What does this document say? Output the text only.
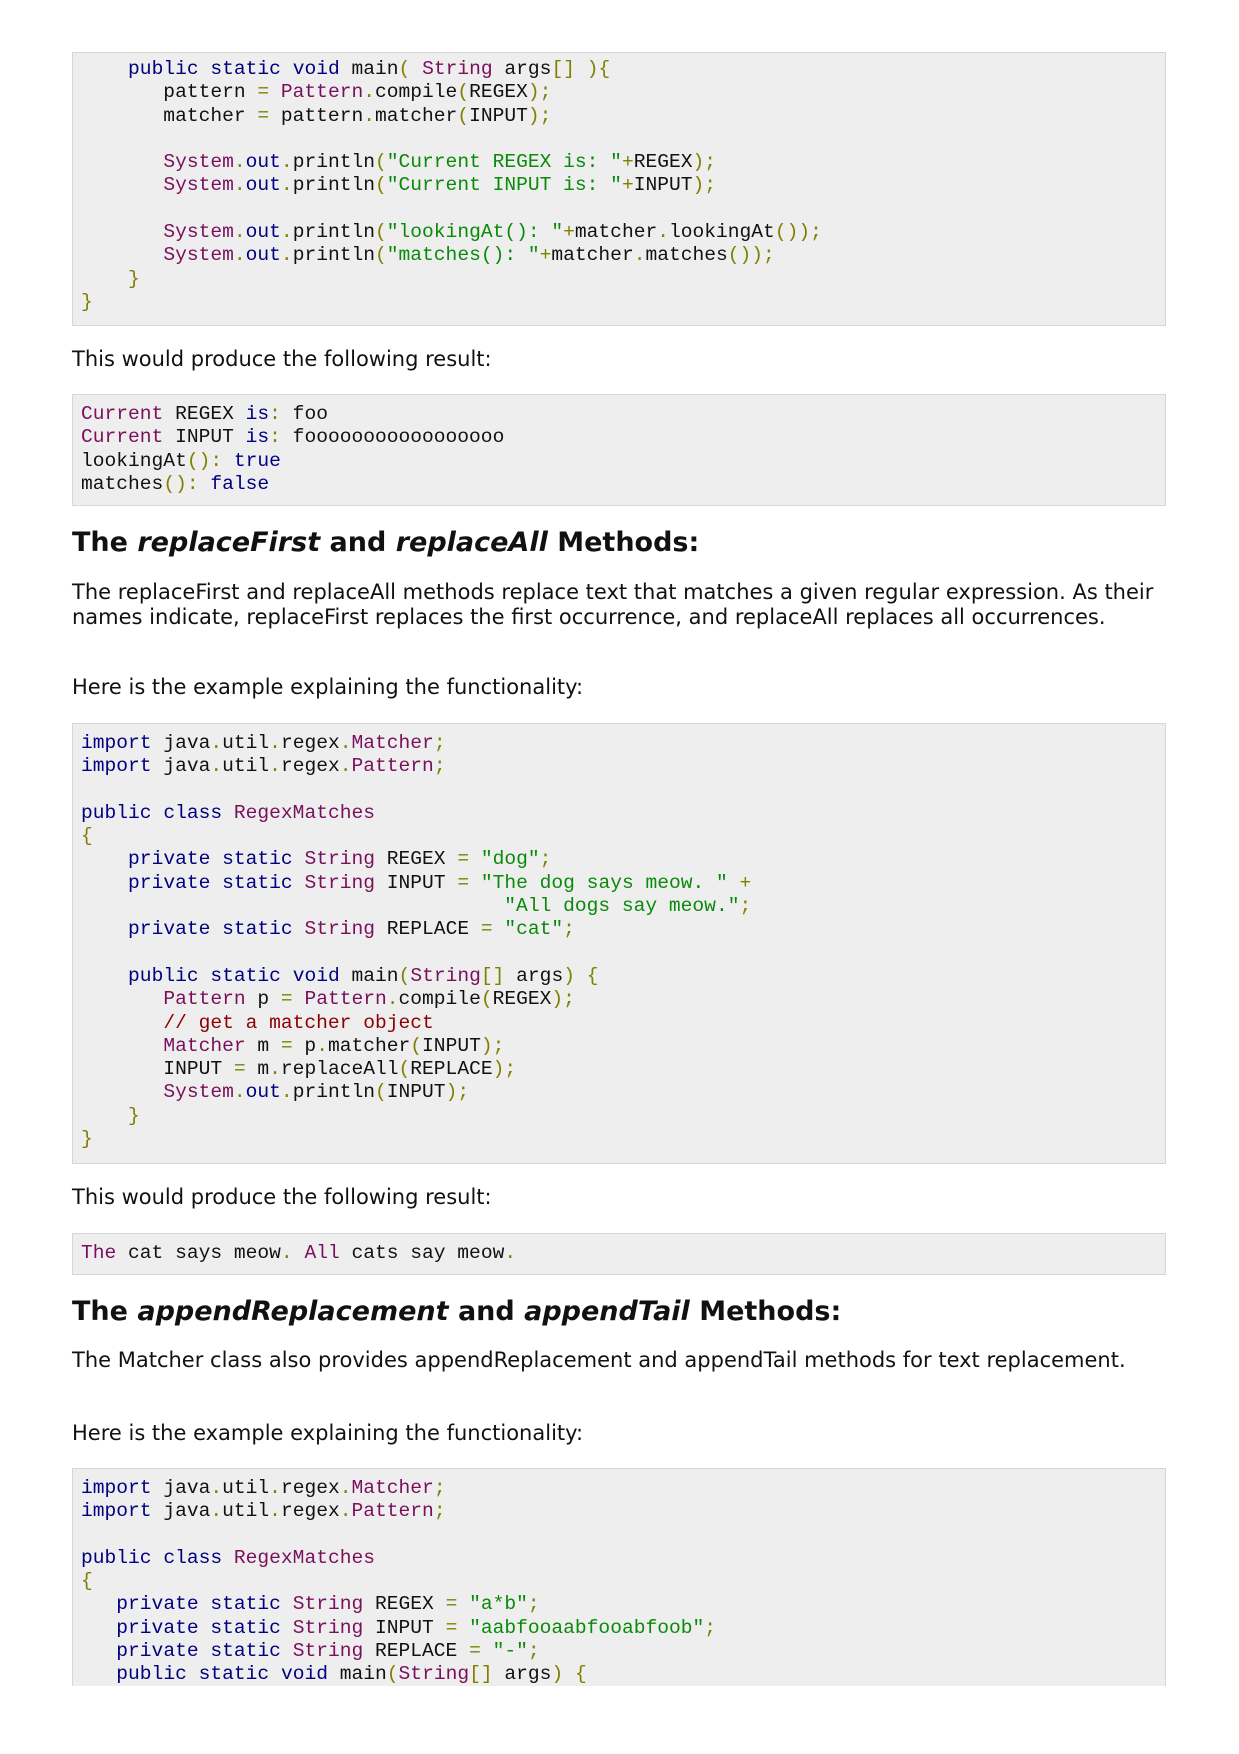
public static void main( String args[] ){
pattern = Pattern.compile(REGEX);
matcher = pattern.matcher(INPUT);
System.out.println("Current REGEX is: "+REGEX);
System.out.println("Current INPUT is: "+INPUT);
System.out.println("lookingAt(): "+matcher.lookingAt());
System.out.println("matches(): "+matcher.matches());
}
}

This would produce the following result:

Current REGEX is: foo
Current INPUT is: fooooooooooooooooo
lookingAt(): true
matches(): false
The replaceFirst and replaceAll Methods:

The replaceFirst and replaceAll methods replace text that matches a given regular expression. As their names indicate, replaceFirst replaces the first occurrence, and replaceAll replaces all occurrences.

Here is the example explaining the functionality:

import java.util.regex.Matcher;
import java.util.regex.Pattern;
public class RegexMatches
{
private static String REGEX = "dog";
private static String INPUT = "The dog says meow. " +
"All dogs say meow.";
private static String REPLACE = "cat";
public static void main(String[] args) {
Pattern p = Pattern.compile(REGEX);
// get a matcher object
Matcher m = p.matcher(INPUT);
INPUT = m.replaceAll(REPLACE);
System.out.println(INPUT);
}
}

This would produce the following result:

The cat says meow. All cats say meow.
The appendReplacement and appendTail Methods:

The Matcher class also provides appendReplacement and appendTail methods for text replacement.

Here is the example explaining the functionality:

import java.util.regex.Matcher;
import java.util.regex.Pattern;
public class RegexMatches
{
private static String REGEX = "a*b";
private static String INPUT = "aabfooaabfooabfoob";
private static String REPLACE = "-";
public static void main(String[] args) {
